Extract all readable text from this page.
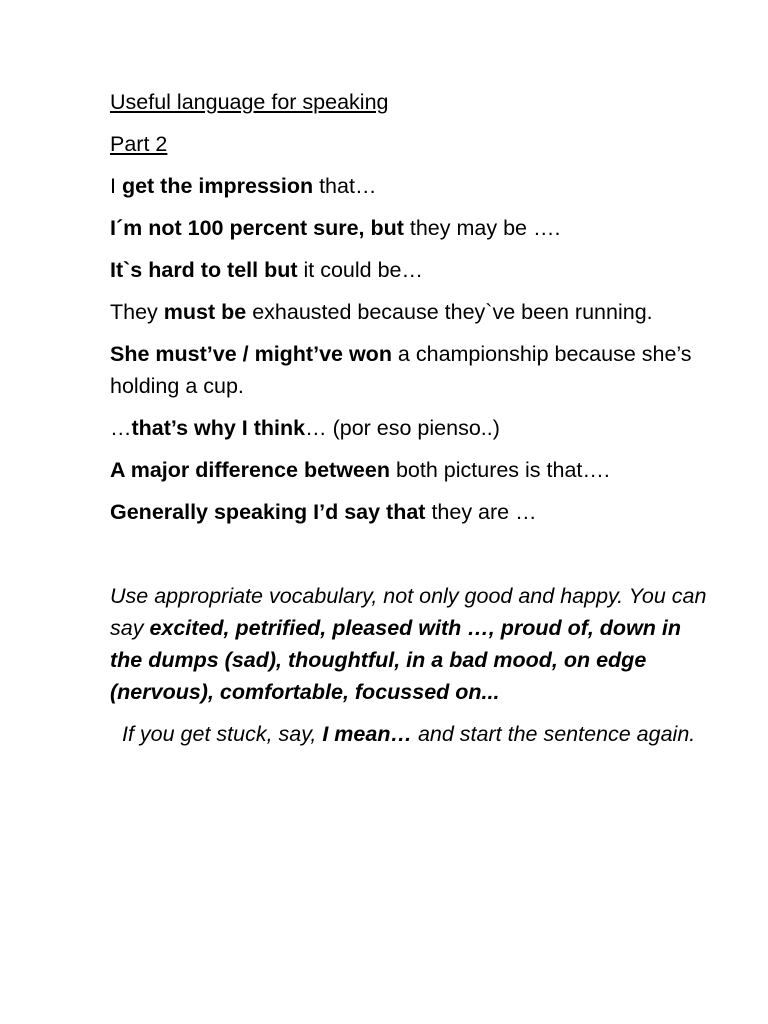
Useful language for speaking

Part 2

I get the impression that…

I´m not 100 percent sure, but they may be ….

It`s hard to tell but it could be…

They must be exhausted because they`ve been running.

She must’ve / might’ve won a championship because she’s holding a cup.

…that’s why I think… (por eso pienso..)

A major difference between both pictures is that….

Generally speaking I’d say that they are …

Use appropriate vocabulary, not only good and happy. You can say excited, petrified, pleased with …, proud of, down in the dumps (sad), thoughtful, in a bad mood, on edge (nervous), comfortable, focussed on...

If you get stuck, say, I mean… and start the sentence again.
